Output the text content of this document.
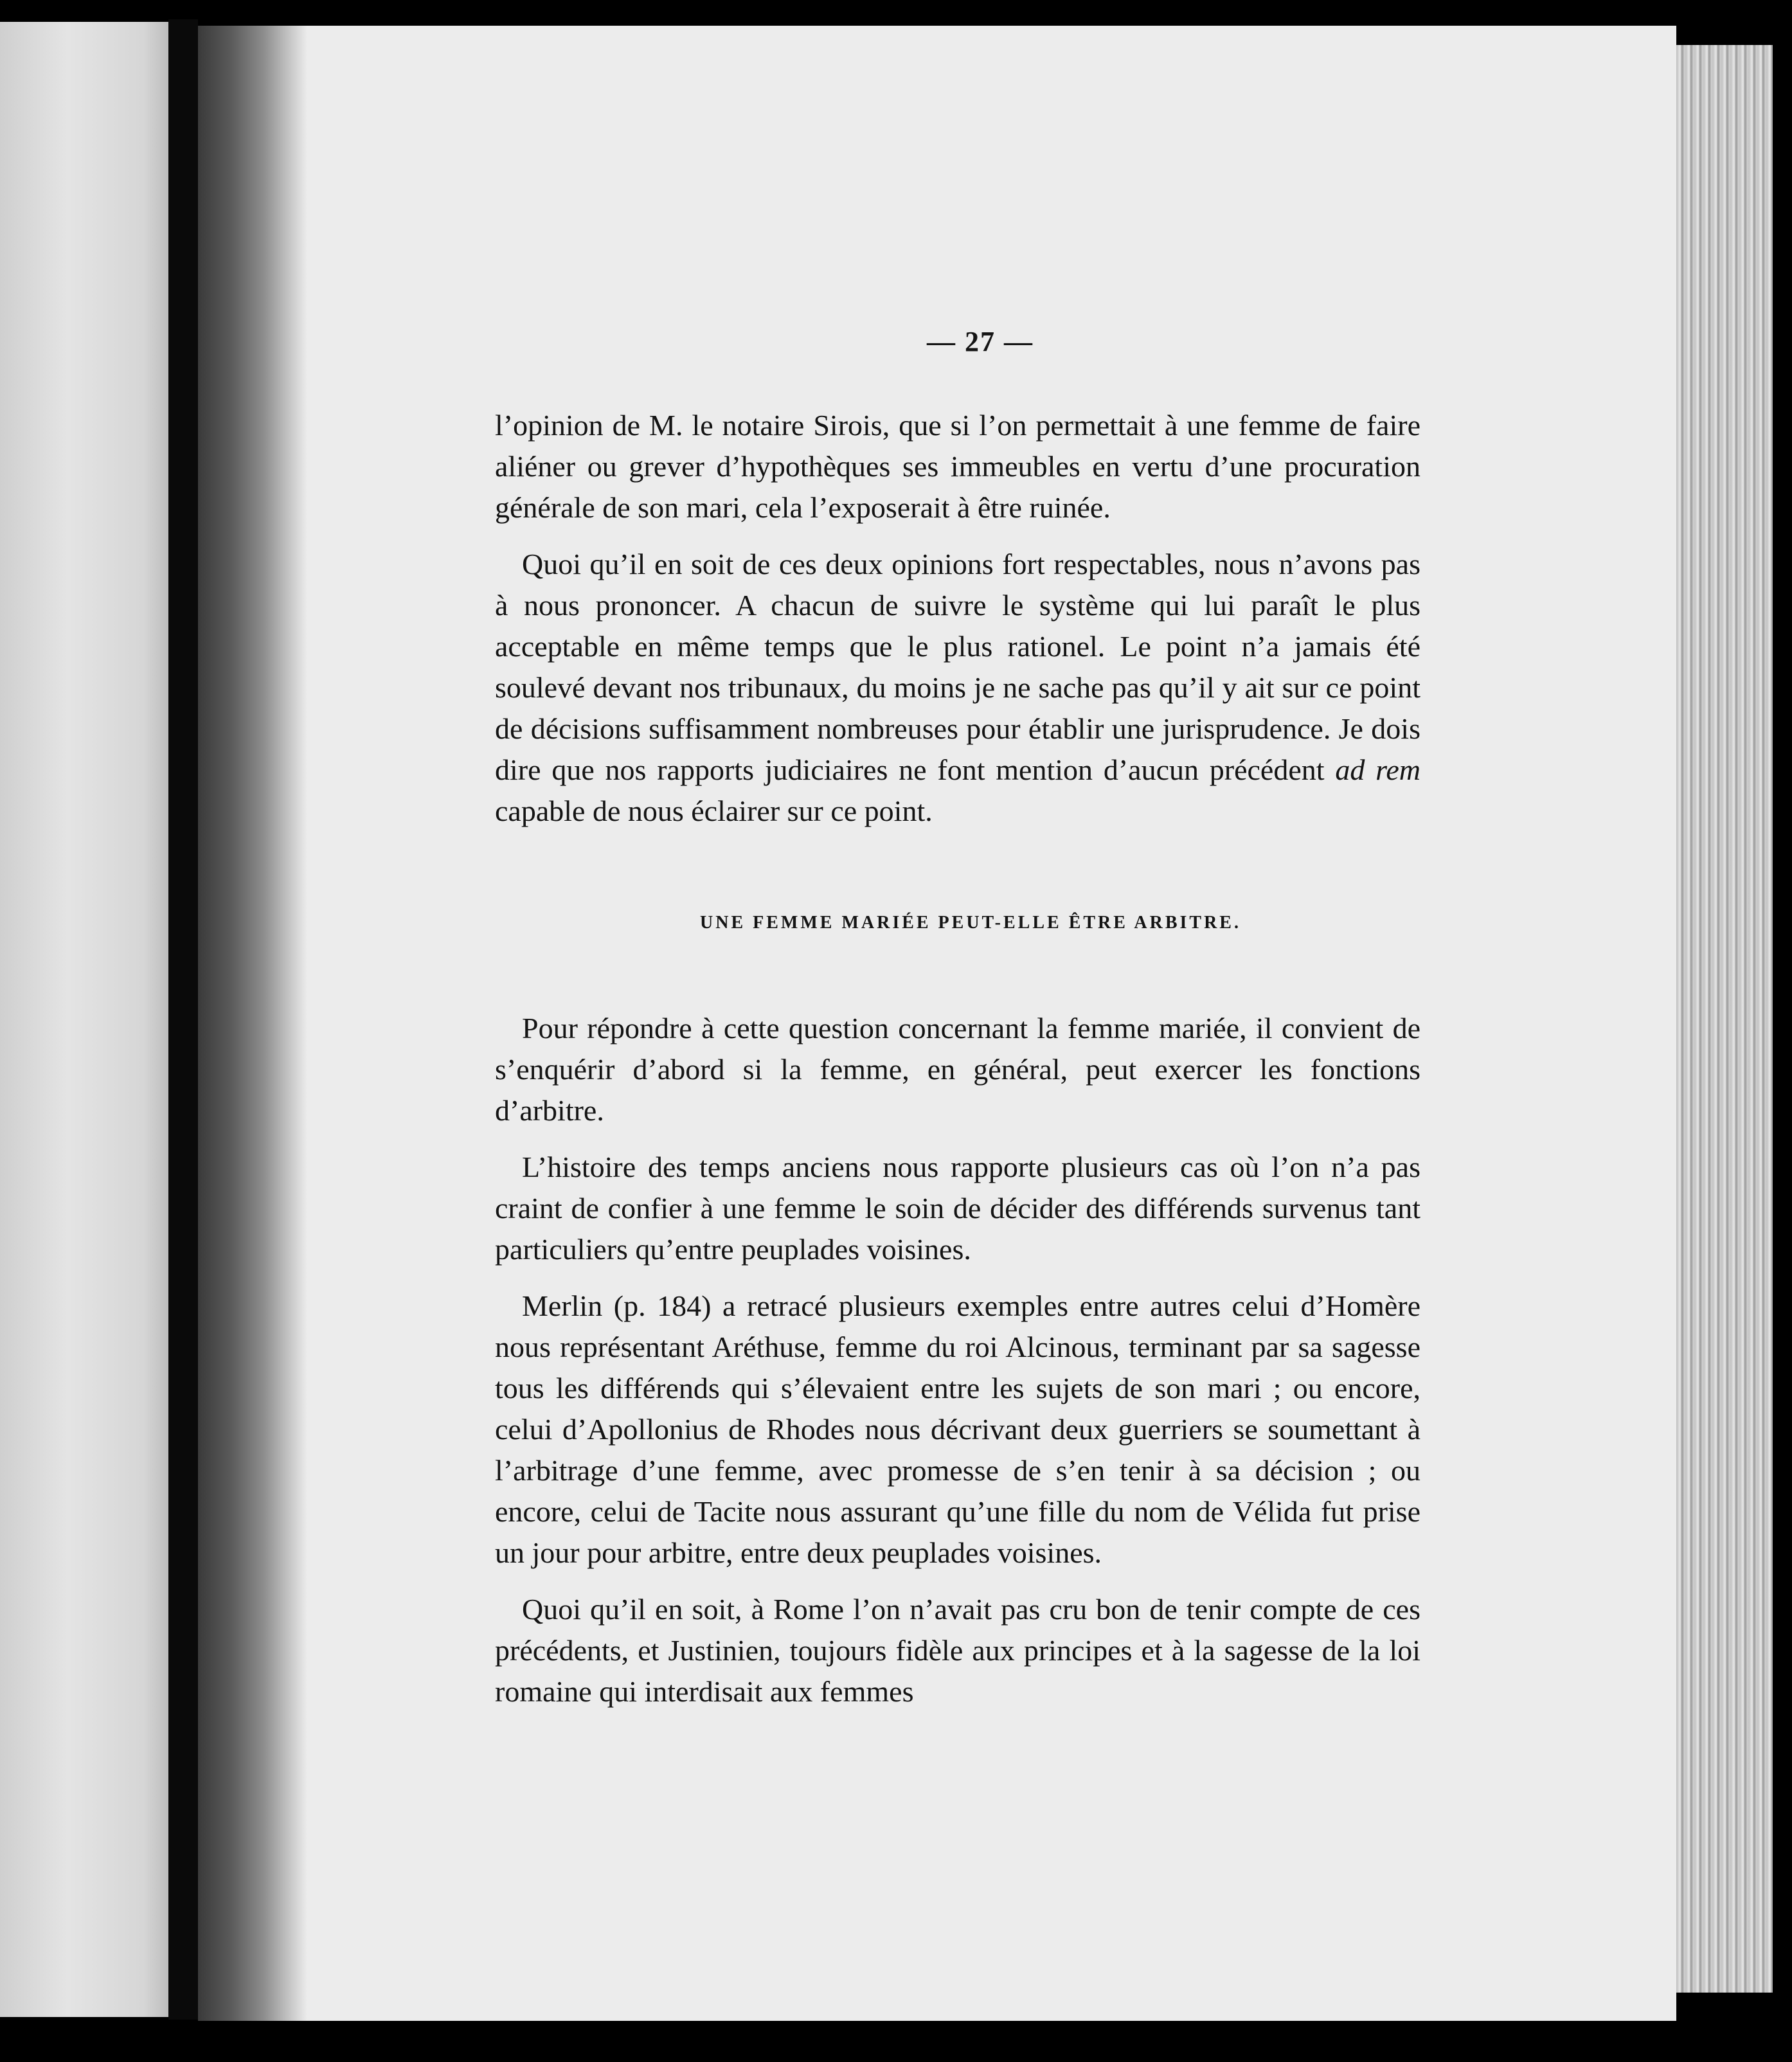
— 27 —

l’opinion de M. le notaire Sirois, que si l’on permettait à une femme de faire aliéner ou grever d’hypothèques ses immeubles en vertu d’une procuration générale de son mari, cela l’exposerait à être ruinée.

Quoi qu’il en soit de ces deux opinions fort respectables, nous n’avons pas à nous prononcer. A chacun de suivre le système qui lui paraît le plus acceptable en même temps que le plus rationel. Le point n’a jamais été soulevé devant nos tribunaux, du moins je ne sache pas qu’il y ait sur ce point de décisions suffisamment nombreuses pour établir une jurisprudence. Je dois dire que nos rapports judiciaires ne font mention d’aucun précédent ad rem capable de nous éclairer sur ce point.

UNE FEMME MARIÉE PEUT-ELLE ÊTRE ARBITRE.

Pour répondre à cette question concernant la femme mariée, il convient de s’enquérir d’abord si la femme, en général, peut exercer les fonctions d’arbitre.

L’histoire des temps anciens nous rapporte plusieurs cas où l’on n’a pas craint de confier à une femme le soin de décider des différends survenus tant particuliers qu’entre peuplades voisines.

Merlin (p. 184) a retracé plusieurs exemples entre autres celui d’Homère nous représentant Aréthuse, femme du roi Alcinous, terminant par sa sagesse tous les différends qui s’élevaient entre les sujets de son mari ; ou encore, celui d’Apollonius de Rhodes nous décrivant deux guerriers se soumettant à l’arbitrage d’une femme, avec promesse de s’en tenir à sa décision ; ou encore, celui de Tacite nous assurant qu’une fille du nom de Vélida fut prise un jour pour arbitre, entre deux peuplades voisines.

Quoi qu’il en soit, à Rome l’on n’avait pas cru bon de tenir compte de ces précédents, et Justinien, toujours fidèle aux principes et à la sagesse de la loi romaine qui interdisait aux femmes
